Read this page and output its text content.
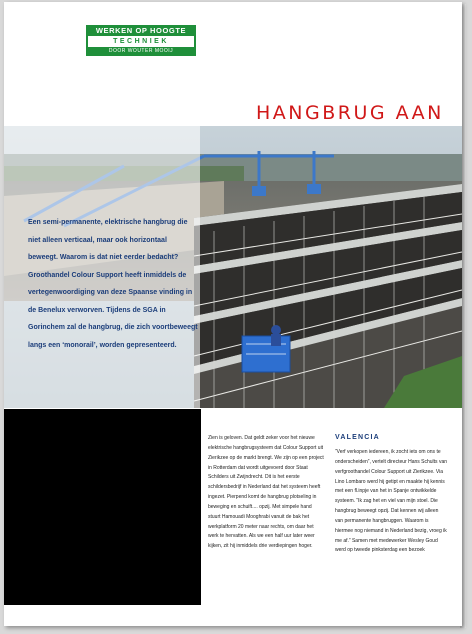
WERKEN OP HOOGTE
TECHNIEK
DOOR WOUTER MOOIJ
HANGBRUG AAN
Een semi-permanente, elektrische hangbrug die niet alleen verticaal, maar ook horizontaal beweegt. Waarom is dat niet eerder bedacht? Groothandel Colour Support heeft inmiddels de vertegenwoordiging van deze Spaanse vinding in de Benelux verworven. Tijdens de SGA in Gorinchem zal de hangbrug, die zich voortbeweegt langs een ‘monorail’, worden gepresenteerd.
Zien is geloven. Dat geldt zeker voor het nieuwe elektrische hangbrugsysteem dat Colour Support uit Zierikzee op de markt brengt. We zijn op een project in Rotterdam dat wordt uitgevoerd door Staat Schilders uit Zwijndrecht. Dit is het eerste schildersbedrijf in Nederland dat het systeem heeft ingezet. Pierpend komt de hangbrug plotseling in beweging en schuift.... opzij. Met simpele hand stuurt Hamouadi Mooghrabi vanuit de bak het werkplatform 20 meter naar rechts, om daar het werk te hervatten. Als we een half uur later weer kijken, zit hij inmiddels drie verdiepingen hoger.
VALENCIA
“Verf verkopen iedereen, ik zocht iets om ons te onderscheiden”, vertelt directeur Hans Schults van verfgroothandel Colour Support uit Zierikzee. Via Lino Lombaro werd hij getipt en maakte hij kennis met een fl.inpje van het in Spanje ontwikkelde systeem. “Ik zag het en viel van mijn stoel. Die hangbrug beweegt opzij. Dat kennen wij alleen van permanente hangbruggen. Waarom is hiermee nog niemand in Nederland bezig, vroeg ik me af.” Samen met medewerker Wesley Goud werd op tweede pinksterdag een bezoek
